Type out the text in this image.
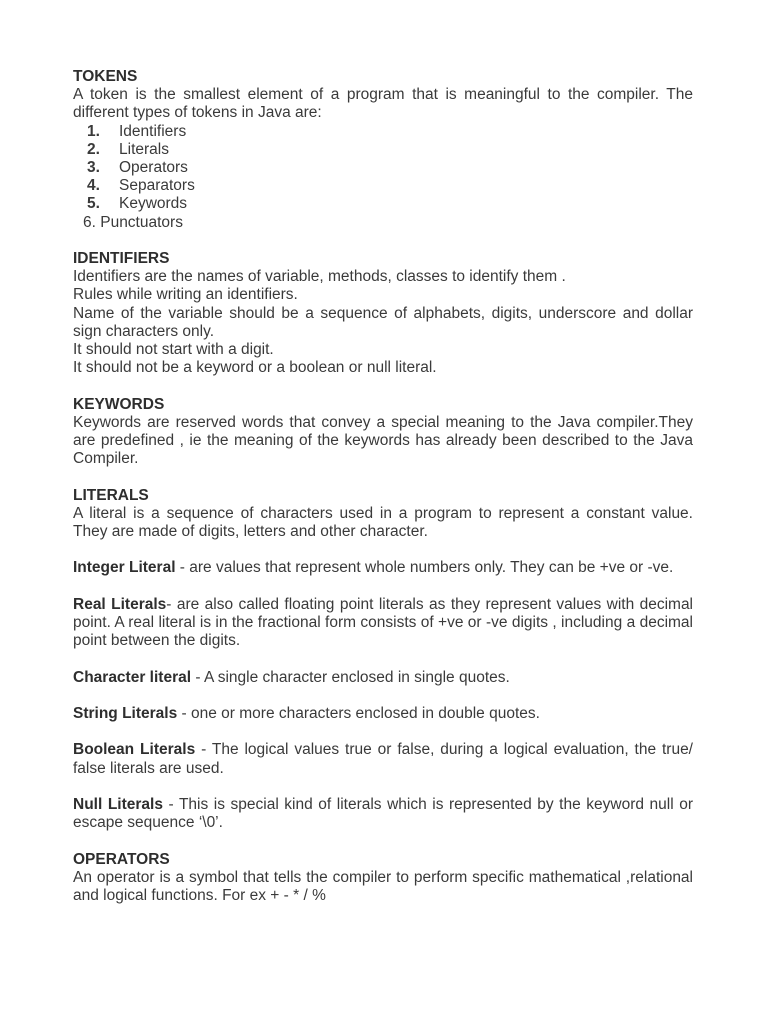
TOKENS
A token is the smallest element of a program that is meaningful to the compiler. The different types of tokens in Java are:
1. Identifiers
2. Literals
3. Operators
4. Separators
5. Keywords
6. Punctuators
IDENTIFIERS
Identifiers are the names of variable, methods, classes to identify them .
Rules while writing an identifiers.
Name of the variable should be a sequence of alphabets, digits, underscore and dollar sign characters only.
It should not start with a digit.
It should not be a keyword or a boolean or null literal.
KEYWORDS
Keywords are reserved words that convey a special meaning to the Java compiler.They are predefined , ie the meaning of the keywords has already been described to the Java Compiler.
LITERALS
A literal is a sequence of characters used in a program to represent a constant value. They are made of digits, letters and other character.
Integer Literal - are values that represent whole numbers only. They can be +ve or -ve.
Real Literals- are also called floating point literals as they represent values with decimal point. A real literal is in the fractional form consists of +ve or -ve digits , including a decimal point between the digits.
Character literal - A single character enclosed in single quotes.
String Literals - one or more characters enclosed in double quotes.
Boolean Literals - The logical values true or false, during a logical evaluation, the true/ false literals are used.
Null Literals - This is special kind of literals which is represented by the keyword null or escape sequence ‘\0’.
OPERATORS
An operator is a symbol that tells the compiler to perform specific mathematical ,relational and logical functions. For ex + - * / %
